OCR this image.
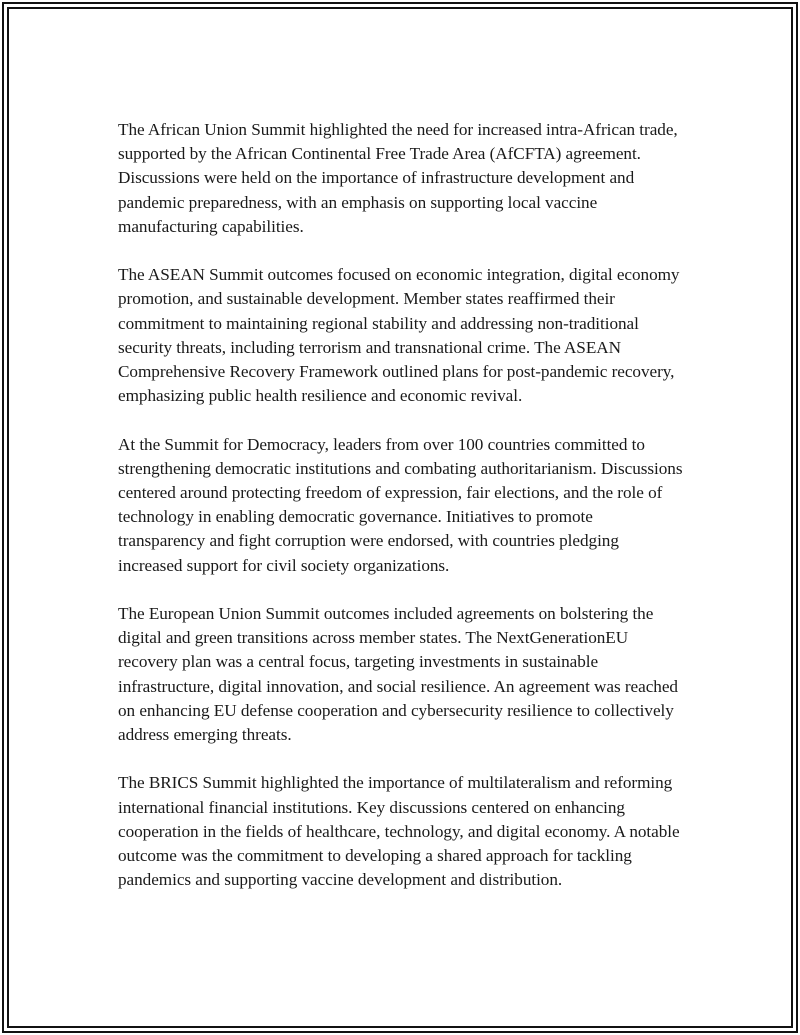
The African Union Summit highlighted the need for increased intra-African trade, supported by the African Continental Free Trade Area (AfCFTA) agreement. Discussions were held on the importance of infrastructure development and pandemic preparedness, with an emphasis on supporting local vaccine manufacturing capabilities.

The ASEAN Summit outcomes focused on economic integration, digital economy promotion, and sustainable development. Member states reaffirmed their commitment to maintaining regional stability and addressing non-traditional security threats, including terrorism and transnational crime. The ASEAN Comprehensive Recovery Framework outlined plans for post-pandemic recovery, emphasizing public health resilience and economic revival.

At the Summit for Democracy, leaders from over 100 countries committed to strengthening democratic institutions and combating authoritarianism. Discussions centered around protecting freedom of expression, fair elections, and the role of technology in enabling democratic governance. Initiatives to promote transparency and fight corruption were endorsed, with countries pledging increased support for civil society organizations.

The European Union Summit outcomes included agreements on bolstering the digital and green transitions across member states. The NextGenerationEU recovery plan was a central focus, targeting investments in sustainable infrastructure, digital innovation, and social resilience. An agreement was reached on enhancing EU defense cooperation and cybersecurity resilience to collectively address emerging threats.

The BRICS Summit highlighted the importance of multilateralism and reforming international financial institutions. Key discussions centered on enhancing cooperation in the fields of healthcare, technology, and digital economy. A notable outcome was the commitment to developing a shared approach for tackling pandemics and supporting vaccine development and distribution.
